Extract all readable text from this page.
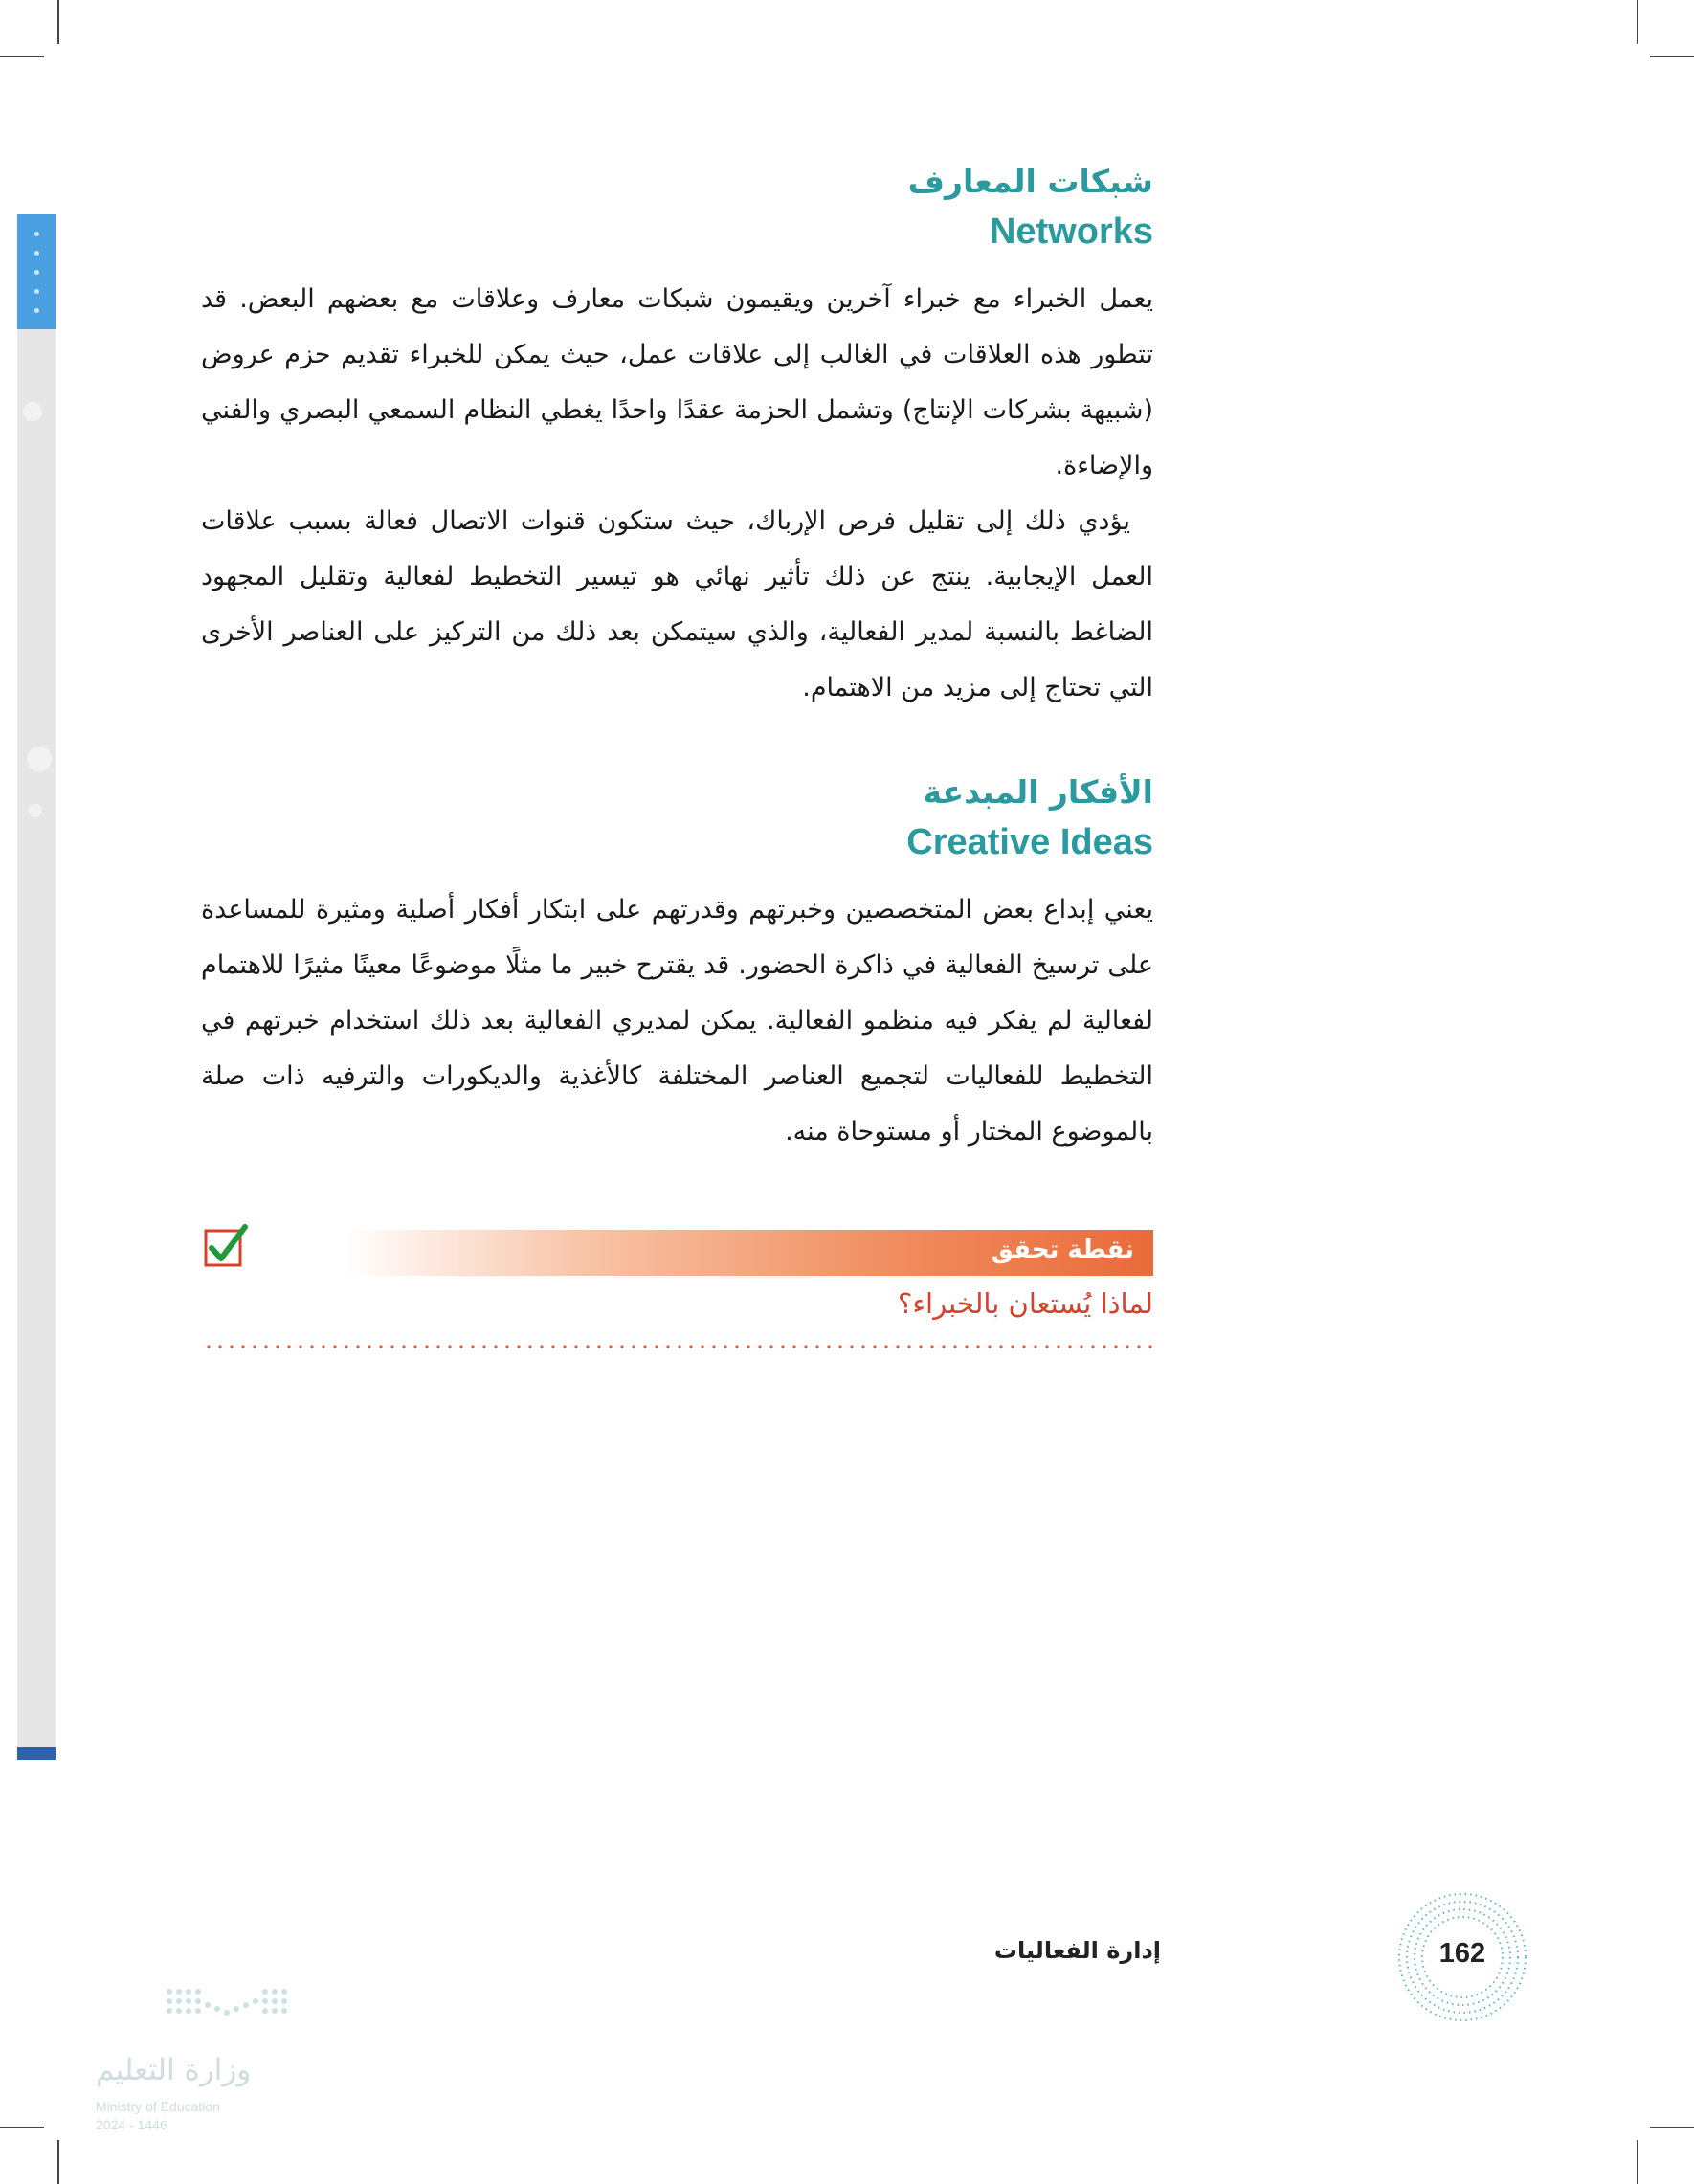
شبكات المعارف
Networks

يعمل الخبراء مع خبراء آخرين ويقيمون شبكات معارف وعلاقات مع بعضهم البعض. قد تتطور هذه العلاقات في الغالب إلى علاقات عمل، حيث يمكن للخبراء تقديم حزم عروض (شبيهة بشركات الإنتاج) وتشمل الحزمة عقدًا واحدًا يغطي النظام السمعي البصري والفني والإضاءة.

يؤدي ذلك إلى تقليل فرص الإرباك، حيث ستكون قنوات الاتصال فعالة بسبب علاقات العمل الإيجابية. ينتج عن ذلك تأثير نهائي هو تيسير التخطيط لفعالية وتقليل المجهود الضاغط بالنسبة لمدير الفعالية، والذي سيتمكن بعد ذلك من التركيز على العناصر الأخرى التي تحتاج إلى مزيد من الاهتمام.

الأفكار المبدعة
Creative Ideas

يعني إبداع بعض المتخصصين وخبرتهم وقدرتهم على ابتكار أفكار أصلية ومثيرة للمساعدة على ترسيخ الفعالية في ذاكرة الحضور. قد يقترح خبير ما مثلًا موضوعًا معينًا مثيرًا للاهتمام لفعالية لم يفكر فيه منظمو الفعالية. يمكن لمديري الفعالية بعد ذلك استخدام خبرتهم في التخطيط للفعاليات لتجميع العناصر المختلفة كالأغذية والديكورات والترفيه ذات صلة بالموضوع المختار أو مستوحاة منه.

نقطة تحقق
لماذا يُستعان بالخبراء؟
إدارة الفعاليات	162
وزارة التعليم
Ministry of Education
2024 - 1446
